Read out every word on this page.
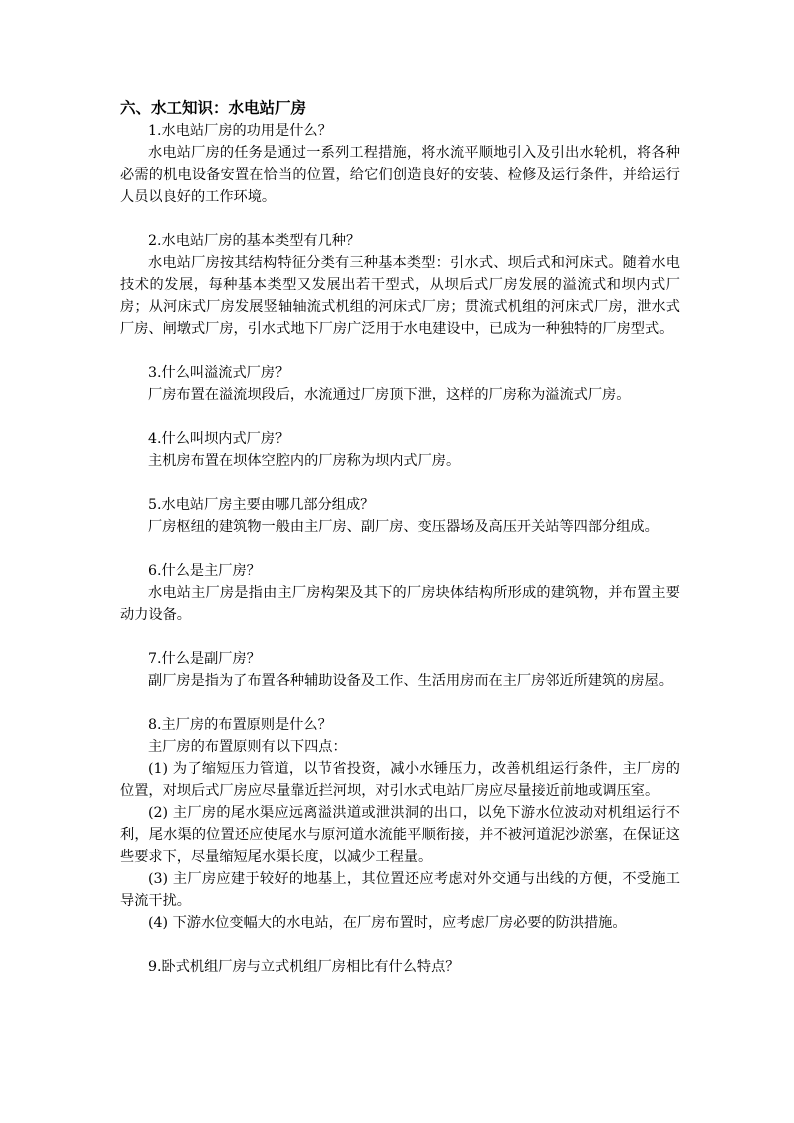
六、水工知识：水电站厂房

1.水电站厂房的功用是什么？

水电站厂房的任务是通过一系列工程措施，将水流平顺地引入及引出水轮机，将各种必需的机电设备安置在恰当的位置，给它们创造良好的安装、检修及运行条件，并给运行人员以良好的工作环境。

2.水电站厂房的基本类型有几种？

水电站厂房按其结构特征分类有三种基本类型：引水式、坝后式和河床式。随着水电技术的发展，每种基本类型又发展出若干型式，从坝后式厂房发展的溢流式和坝内式厂房；从河床式厂房发展竖轴轴流式机组的河床式厂房；贯流式机组的河床式厂房，泄水式厂房、闸墩式厂房，引水式地下厂房广泛用于水电建设中，已成为一种独特的厂房型式。

3.什么叫溢流式厂房？

厂房布置在溢流坝段后，水流通过厂房顶下泄，这样的厂房称为溢流式厂房。

4.什么叫坝内式厂房？

主机房布置在坝体空腔内的厂房称为坝内式厂房。

5.水电站厂房主要由哪几部分组成？

厂房枢纽的建筑物一般由主厂房、副厂房、变压器场及高压开关站等四部分组成。

6.什么是主厂房？

水电站主厂房是指由主厂房构架及其下的厂房块体结构所形成的建筑物，并布置主要动力设备。

7.什么是副厂房？

副厂房是指为了布置各种辅助设备及工作、生活用房而在主厂房邻近所建筑的房屋。

8.主厂房的布置原则是什么？

主厂房的布置原则有以下四点：

(1) 为了缩短压力管道，以节省投资，减小水锤压力，改善机组运行条件，主厂房的位置，对坝后式厂房应尽量靠近拦河坝，对引水式电站厂房应尽量接近前地或调压室。

(2) 主厂房的尾水渠应远离溢洪道或泄洪洞的出口，以免下游水位波动对机组运行不利，尾水渠的位置还应使尾水与原河道水流能平顺衔接，并不被河道泥沙淤塞，在保证这些要求下，尽量缩短尾水渠长度，以减少工程量。

(3) 主厂房应建于较好的地基上，其位置还应考虑对外交通与出线的方便，不受施工导流干扰。

(4) 下游水位变幅大的水电站，在厂房布置时，应考虑厂房必要的防洪措施。

9.卧式机组厂房与立式机组厂房相比有什么特点？
